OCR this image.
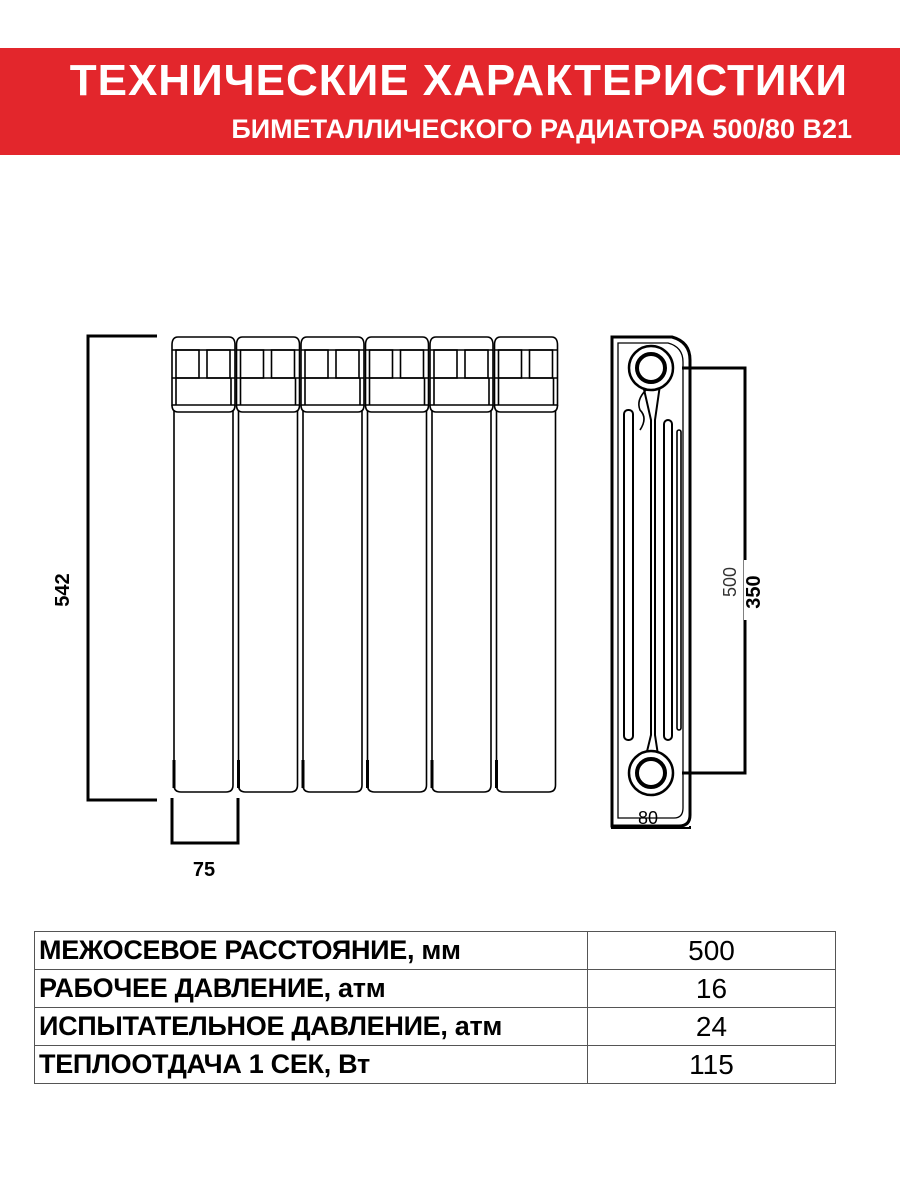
ТЕХНИЧЕСКИЕ ХАРАКТЕРИСТИКИ
БИМЕТАЛЛИЧЕСКОГО РАДИАТОРА 500/80 B21
542
75
500 350
80
МЕЖОСЕВОЕ РАССТОЯНИЕ, мм	500
РАБОЧЕЕ ДАВЛЕНИЕ, атм	16
ИСПЫТАТЕЛЬНОЕ ДАВЛЕНИЕ, атм	24
ТЕПЛООТДАЧА 1 СЕК, Вт	115
